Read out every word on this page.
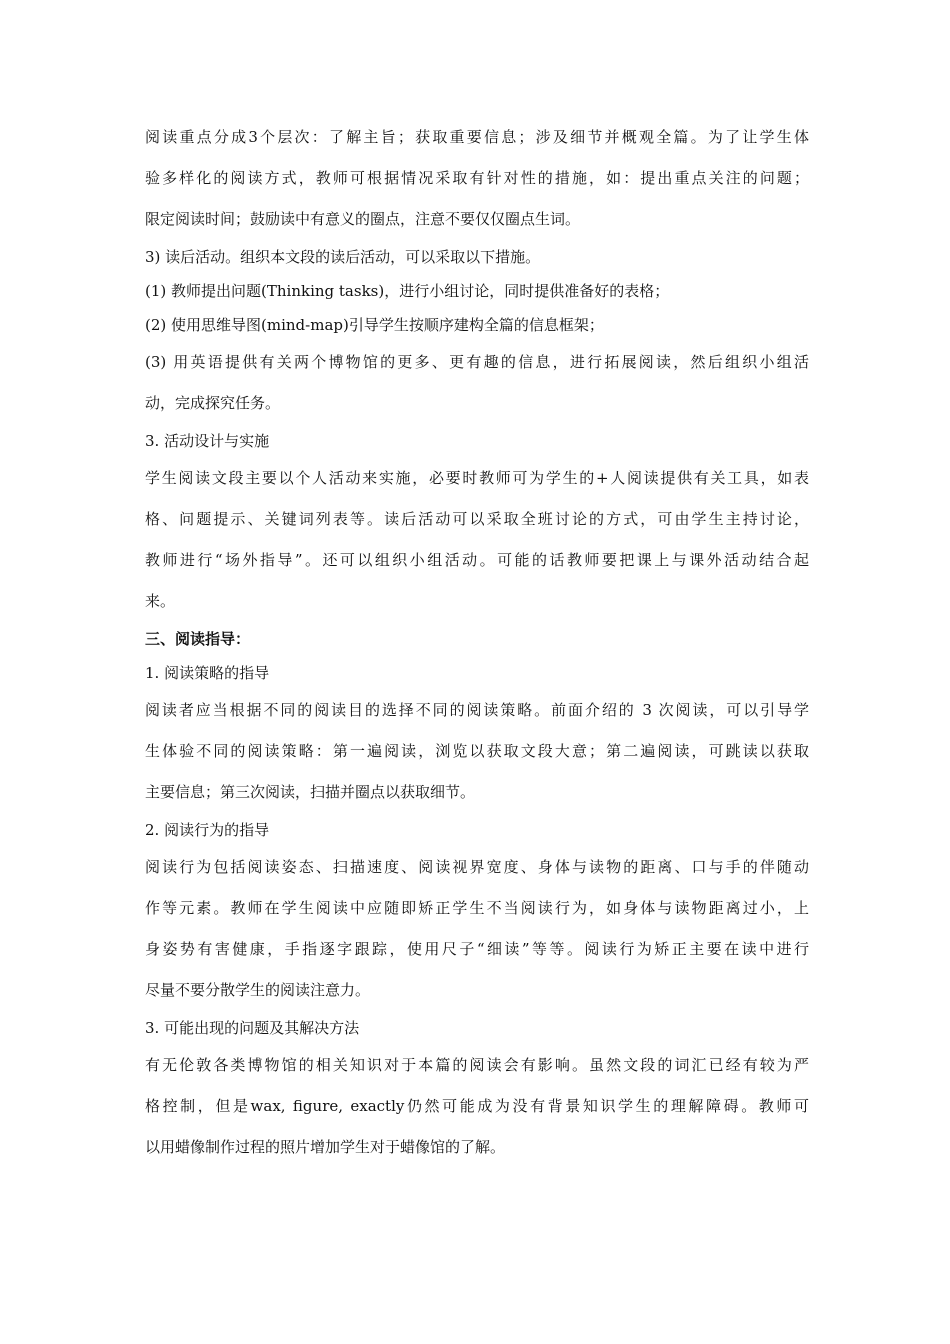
阅读重点分成3个层次：了解主旨；获取重要信息；涉及细节并概观全篇。为了让学生体

验多样化的阅读方式，教师可根据情况采取有针对性的措施，如：提出重点关注的问题；

限定阅读时间；鼓励读中有意义的圈点，注意不要仅仅圈点生词。

3) 读后活动。组织本文段的读后活动，可以采取以下措施。

(1) 教师提出问题(Thinking tasks)，进行小组讨论，同时提供准备好的表格；

(2) 使用思维导图(mind-map)引导学生按顺序建构全篇的信息框架；

(3) 用英语提供有关两个博物馆的更多、更有趣的信息，进行拓展阅读，然后组织小组活

动，完成探究任务。

3. 活动设计与实施

学生阅读文段主要以个人活动来实施，必要时教师可为学生的+人阅读提供有关工具，如表

格、问题提示、关键词列表等。读后活动可以采取全班讨论的方式，可由学生主持讨论，

教师进行“场外指导”。还可以组织小组活动。可能的话教师要把课上与课外活动结合起

来。

三、阅读指导：

1. 阅读策略的指导

阅读者应当根据不同的阅读目的选择不同的阅读策略。前面介绍的 3 次阅读，可以引导学

生体验不同的阅读策略：第一遍阅读，浏览以获取文段大意；第二遍阅读，可跳读以获取

主要信息；第三次阅读，扫描并圈点以获取细节。

2. 阅读行为的指导

阅读行为包括阅读姿态、扫描速度、阅读视界宽度、身体与读物的距离、口与手的伴随动

作等元素。教师在学生阅读中应随即矫正学生不当阅读行为，如身体与读物距离过小，上

身姿势有害健康，手指逐字跟踪，使用尺子“细读”等等。阅读行为矫正主要在读中进行

尽量不要分散学生的阅读注意力。

3. 可能出现的问题及其解决方法

有无伦敦各类博物馆的相关知识对于本篇的阅读会有影响。虽然文段的词汇已经有较为严

格控制，但是wax, figure, exactly仍然可能成为没有背景知识学生的理解障碍。教师可

以用蜡像制作过程的照片增加学生对于蜡像馆的了解。
